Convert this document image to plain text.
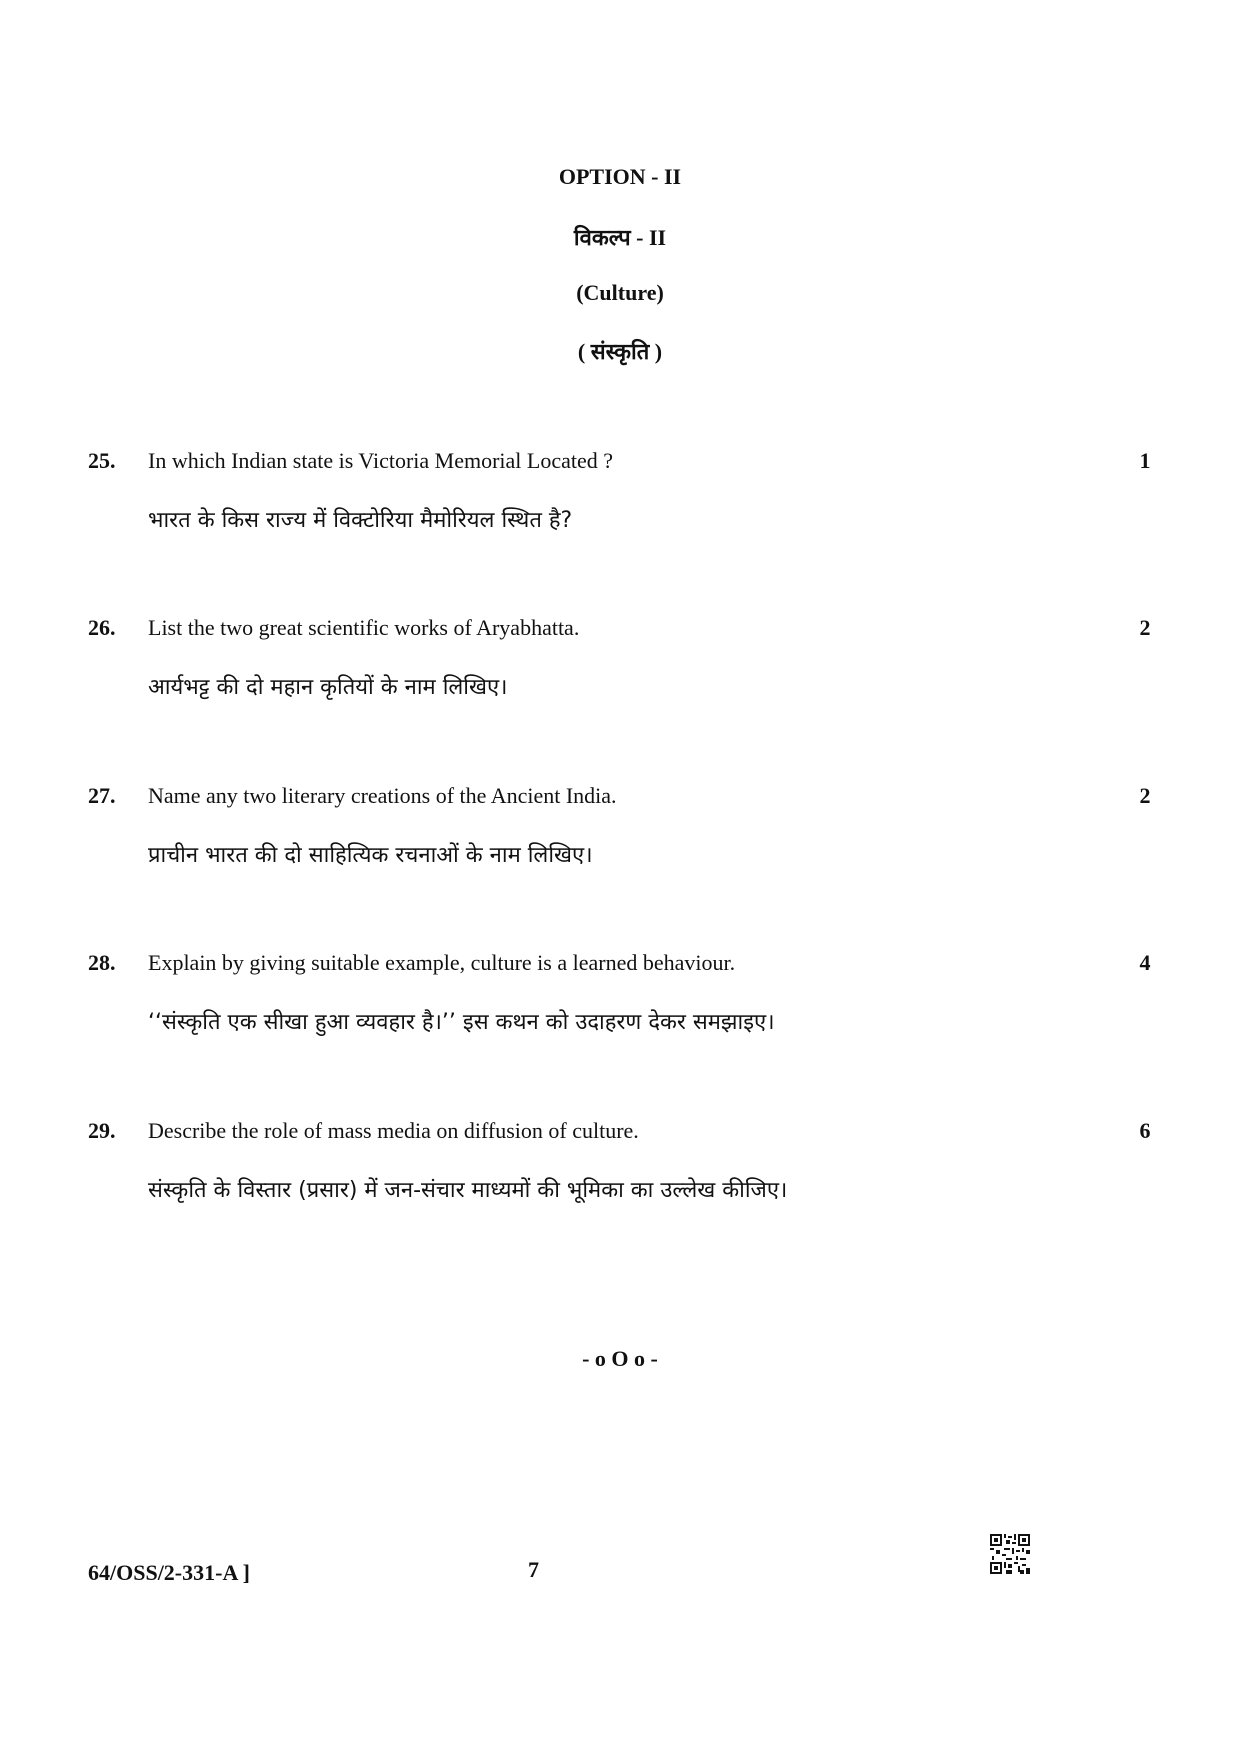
OPTION - II

विकल्प - II

(Culture)

( संस्कृति )

25. In which Indian state is Victoria Memorial Located ?
भारत के किस राज्य में विक्टोरिया मैमोरियल स्थित है?
1
26. List the two great scientific works of Aryabhatta.
आर्यभट्ट की दो महान कृतियों के नाम लिखिए।
2
27. Name any two literary creations of the Ancient India.
प्राचीन भारत की दो साहित्यिक रचनाओं के नाम लिखिए।
2
28. Explain by giving suitable example, culture is a learned behaviour.
‘‘संस्कृति एक सीखा हुआ व्यवहार है।’’ इस कथन को उदाहरण देकर समझाइए।
4
29. Describe the role of mass media on diffusion of culture.
संस्कृति के विस्तार (प्रसार) में जन-संचार माध्यमों की भूमिका का उल्लेख कीजिए।
6
- o O o -
64/OSS/2-331-A ]	7
